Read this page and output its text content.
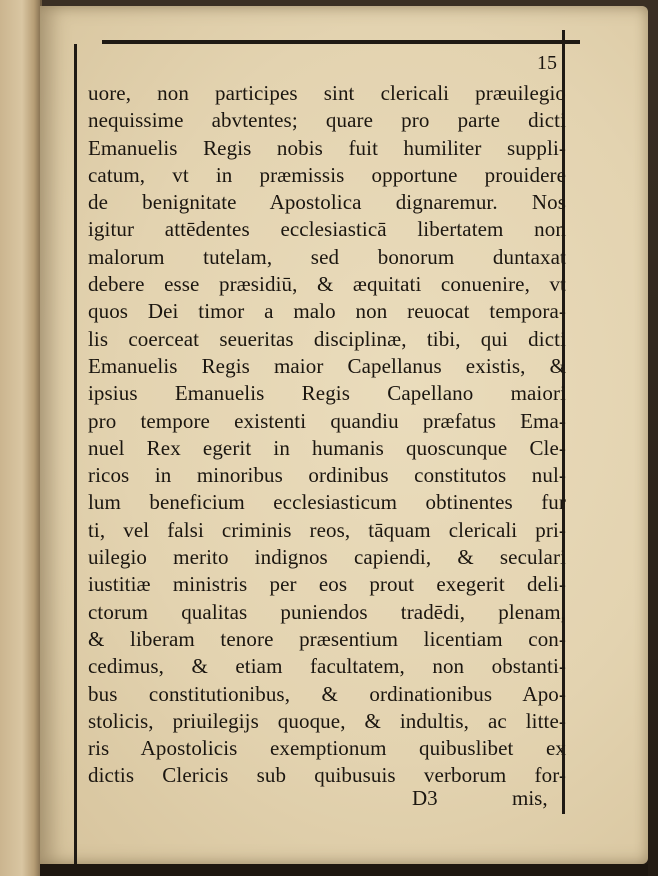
15
uore, non participes sint clericali præuilegio
nequissime abvtentes; quare pro parte dicti
Emanuelis Regis nobis fuit humiliter suppli-
catum, vt in præmissis opportune prouidere
de benignitate Apostolica dignaremur. Nos
igitur attēdentes ecclesiasticā libertatem non
malorum tutelam, sed bonorum duntaxat
debere esse præsidiū, & æquitati conuenire, vt
quos Dei timor a malo non reuocat tempora-
lis coerceat seueritas disciplinæ, tibi, qui dicti
Emanuelis Regis maior Capellanus existis, &
ipsius Emanuelis Regis Capellano maiori
pro tempore existenti quandiu præfatus Ema-
nuel Rex egerit in humanis quoscunque Cle-
ricos in minoribus ordinibus constitutos nul-
lum beneficium ecclesiasticum obtinentes fur
ti, vel falsi criminis reos, tāquam clericali pri-
uilegio merito indignos capiendi, & seculari
iustitiæ ministris per eos prout exegerit deli-
ctorum qualitas puniendos tradēdi, plenam,
& liberam tenore præsentium licentiam con-
cedimus, & etiam facultatem, non obstanti-
bus constitutionibus, & ordinationibus Apo-
stolicis, priuilegijs quoque, & indultis, ac litte-
ris Apostolicis exemptionum quibuslibet ex
dictis Clericis sub quibusuis verborum for-
D3	mis,
